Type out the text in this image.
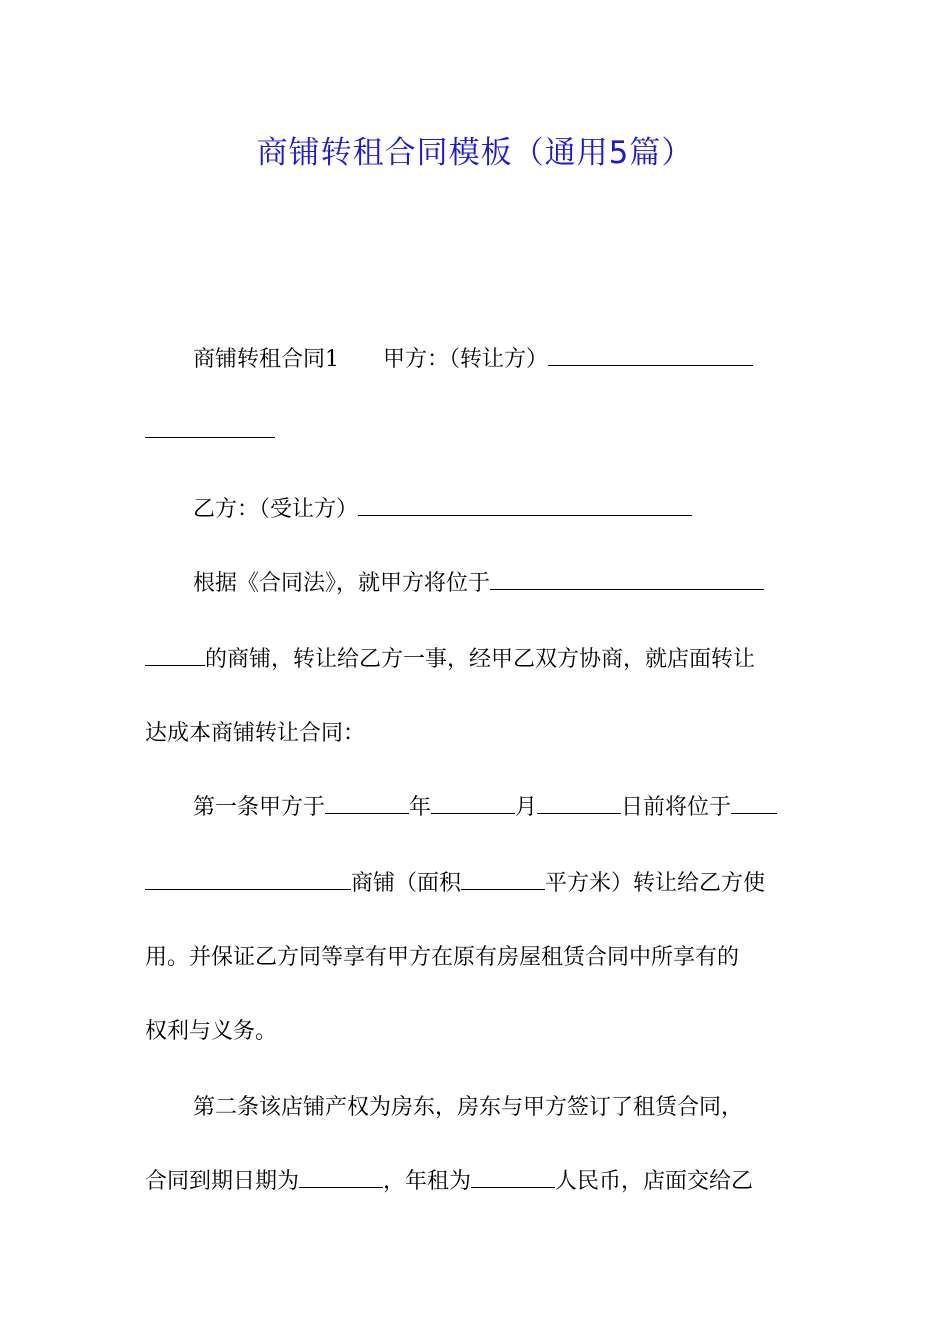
商铺转租合同模板（通用5篇）
商铺转租合同1 甲方：（转让方）
乙方：（受让方）
根据《合同法》，就甲方将位于
的商铺，转让给乙方一事，经甲乙双方协商，就店面转让
达成本商铺转让合同：
第一条甲方于	年	月	日前将位于
商铺（面积	平方米）转让给乙方使
用。并保证乙方同等享有甲方在原有房屋租赁合同中所享有的
权利与义务。
第二条该店铺产权为房东，房东与甲方签订了租赁合同，
合同到期日期为	，年租为	人民币，店面交给乙
